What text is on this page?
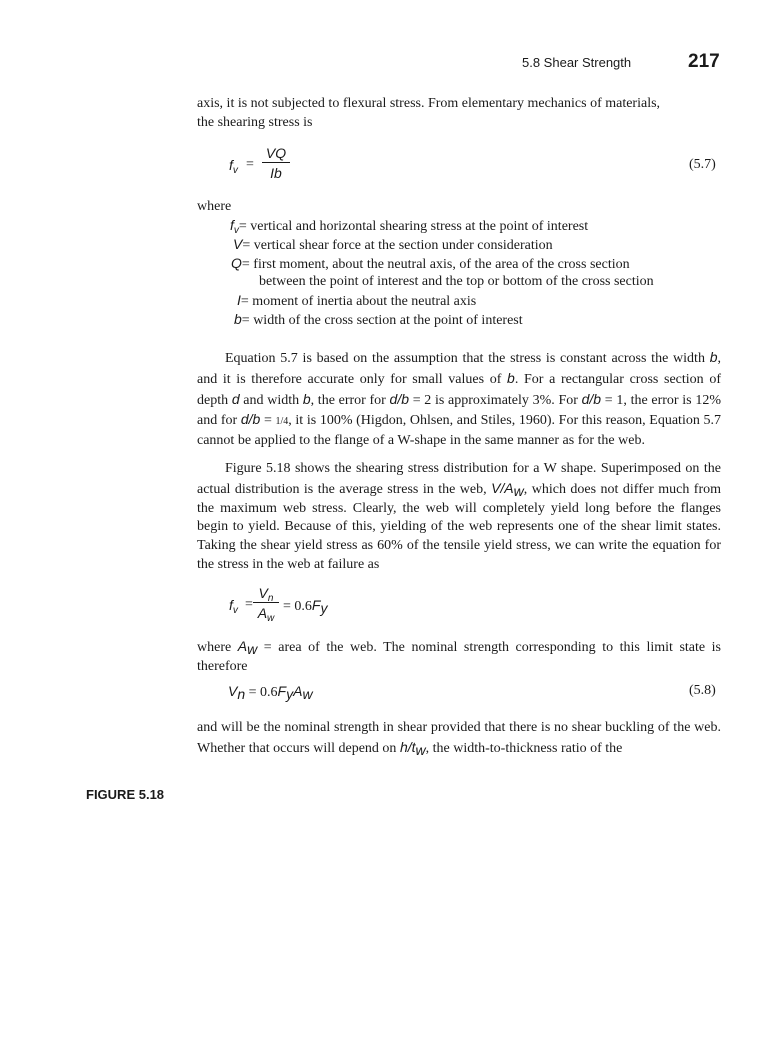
5.8 Shear Strength	217
axis, it is not subjected to flexural stress. From elementary mechanics of materials,
the shearing stress is
$f_v = \frac{VQ}{Ib}$	(5.7)
where
$f_v=$ vertical and horizontal shearing stress at the point of interest
V= vertical shear force at the section under consideration
Q= first moment, about the neutral axis, of the area of the cross section
between the point of interest and the top or bottom of the cross section
I= moment of inertia about the neutral axis
b= width of the cross section at the point of interest

Equation 5.7 is based on the assumption that the stress is constant across the width b, and it is therefore accurate only for small values of b. For a rectangular cross section of depth d and width b, the error for d/b = 2 is approximately 3%. For d/b = 1, the error is 12% and for d/b = 1/4, it is 100% (Higdon, Ohlsen, and Stiles, 1960). For this reason, Equation 5.7 cannot be applied to the flange of a W-shape in the same manner as for the web.

Figure 5.18 shows the shearing stress distribution for a W shape. Superimposed on the actual distribution is the average stress in the web, $V/A_w$, which does not differ much from the maximum web stress. Clearly, the web will completely yield long before the flanges begin to yield. Because of this, yielding of the web represents one of the shear limit states. Taking the shear yield stress as 60% of the tensile yield stress, we can write the equation for the stress in the web at failure as

$f_v = \frac{V_n}{A_w} = 0.6F_y$

where $A_w$ = area of the web. The nominal strength corresponding to this limit state is therefore

$V_n = 0.6F_yA_w$	(5.8)

and will be the nominal strength in shear provided that there is no shear buckling of the web. Whether that occurs will depend on $h/t_w$, the width-to-thickness ratio of the

FIGURE 5.18
